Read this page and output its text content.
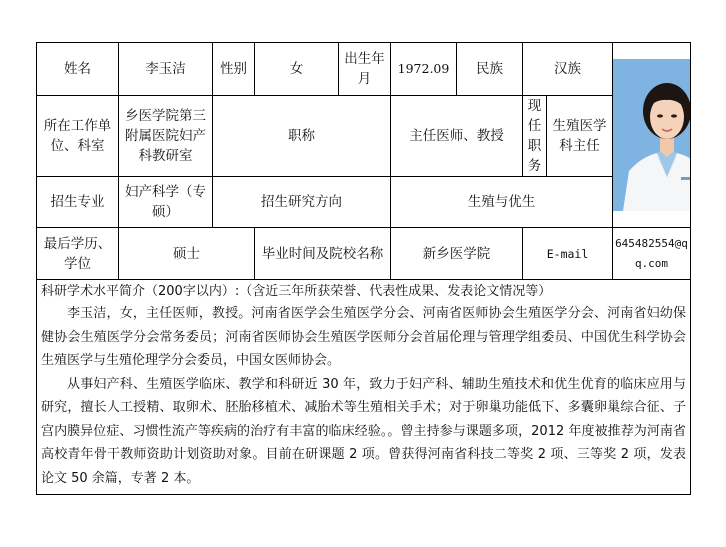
姓名	李玉洁	性别	女	出生年月	1972.09	民族	汉族	

所在工作单位、科室	乡医学院第三附属医院妇产科教研室	职称			主任医师、教授		现任职务	生殖医学科主任	
招生专业	妇产科学（专硕）	招生研究方向			生殖与优生				
最后学历、学位	硕士		毕业时间及院校名称		新乡医学院		E-mail		645482554@qq.com

科研学术水平简介（200字以内）:（含近三年所获荣誉、代表性成果、发表论文情况等）

李玉洁，女，主任医师，教授。河南省医学会生殖医学分会、河南省医师协会生殖医学分会、河南省妇幼保健协会生殖医学分会常务委员；河南省医师协会生殖医学医师分会首届伦理与管理学组委员、中国优生科学协会生殖医学与生殖伦理学分会委员，中国女医师协会。

从事妇产科、生殖医学临床、教学和科研近 30 年，致力于妇产科、辅助生殖技术和优生优育的临床应用与研究，擅长人工授精、取卵术、胚胎移植术、减胎术等生殖相关手术；对于卵巢功能低下、多囊卵巢综合征、子宫内膜异位症、习惯性流产等疾病的治疗有丰富的临床经验。。曾主持参与课题多项，2012 年度被推荐为河南省高校青年骨干教师资助计划资助对象。目前在研课题 2 项。曾获得河南省科技二等奖 2 项、三等奖 2 项，发表论文 50 余篇，专著 2 本。									
